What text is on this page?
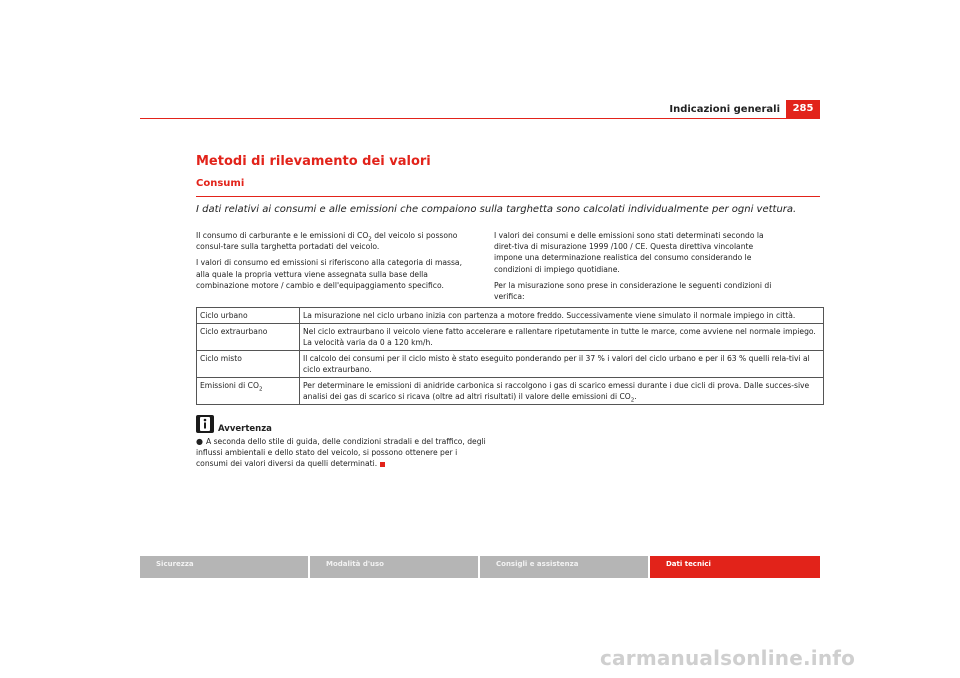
Indicazioni generali	285
Metodi di rilevamento dei valori
Consumi
I dati relativi ai consumi e alle emissioni che compaiono sulla targhetta sono calcolati individualmente per ogni vettura.

Il consumo di carburante e le emissioni di $CO_2$ del veicolo si possono consul-tare sulla targhetta portadati del veicolo.

I valori di consumo ed emissioni si riferiscono alla categoria di massa, alla quale la propria vettura viene assegnata sulla base della combinazione motore / cambio e dell'equipaggiamento specifico.

I valori dei consumi e delle emissioni sono stati determinati secondo la diret-tiva di misurazione 1999 /100 / CE. Questa direttiva vincolante impone una determinazione realistica del consumo considerando le condizioni di impiego quotidiane.

Per la misurazione sono prese in considerazione le seguenti condizioni di verifica:

Ciclo urbano	La misurazione nel ciclo urbano inizia con partenza a motore freddo. Successivamente viene simulato il normale impiego in città.
Ciclo extraurbano	Nel ciclo extraurbano il veicolo viene fatto accelerare e rallentare ripetutamente in tutte le marce, come avviene nel normale impiego. La velocità varia da 0 a 120 km/h.
Ciclo misto	Il calcolo dei consumi per il ciclo misto è stato eseguito ponderando per il 37 % i valori del ciclo urbano e per il 63 % quelli rela-tivi al ciclo extraurbano.
Emissioni di $CO_2$	Per determinare le emissioni di anidride carbonica si raccolgono i gas di scarico emessi durante i due cicli di prova. Dalle succes-sive analisi dei gas di scarico si ricava (oltre ad altri risultati) il valore delle emissioni di $CO_2$.
Avvertenza
● A seconda dello stile di guida, delle condizioni stradali e del traffico, degli influssi ambientali e dello stato del veicolo, si possono ottenere per i consumi dei valori diversi da quelli determinati.
Sicurezza	Modalità d'uso	Consigli e assistenza	Dati tecnici
carmanualsonline.info
